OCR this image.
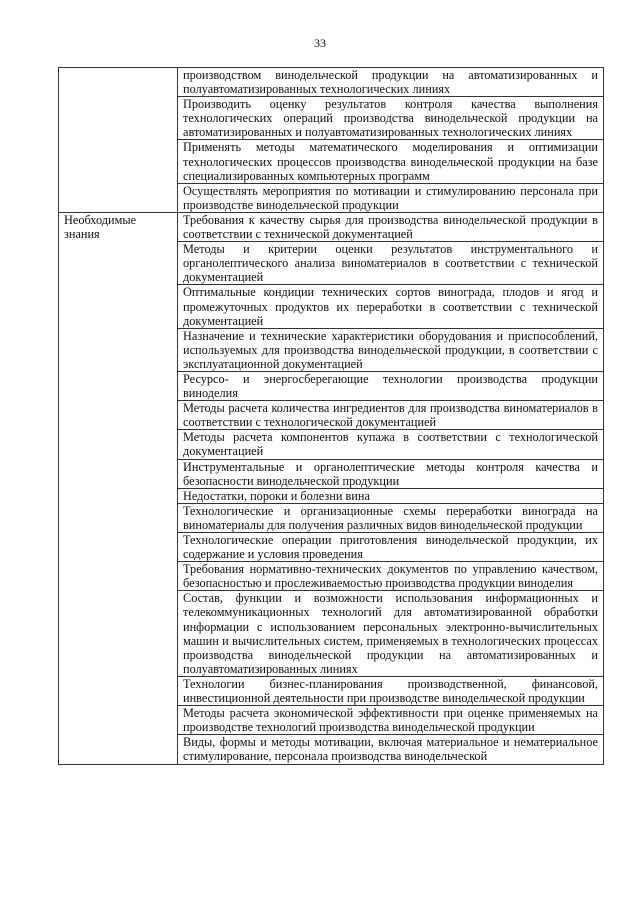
33

	производством винодельческой продукции на автоматизированных и полуавтоматизированных технологических линиях

	Производить оценку результатов контроля качества выполнения технологических операций производства винодельческой продукции на автоматизированных и полуавтоматизированных технологических линиях

	Применять методы математического моделирования и оптимизации технологических процессов производства винодельческой продукции на базе специализированных компьютерных программ

	Осуществлять мероприятия по мотивации и стимулированию персонала при производстве винодельческой продукции

Необходимые знания	Требования к качеству сырья для производства винодельческой продукции в соответствии с технической документацией

	Методы и критерии оценки результатов инструментального и органолептического анализа виноматериалов в соответствии с технической документацией

	Оптимальные кондиции технических сортов винограда, плодов и ягод и промежуточных продуктов их переработки в соответствии с технической документацией

	Назначение и технические характеристики оборудования и приспособлений, используемых для производства винодельческой продукции, в соответствии с эксплуатационной документацией

	Ресурсо- и энергосберегающие технологии производства продукции виноделия

	Методы расчета количества ингредиентов для производства виноматериалов в соответствии с технологической документацией

	Методы расчета компонентов купажа в соответствии с технологической документацией

	Инструментальные и органолептические методы контроля качества и безопасности винодельческой продукции

	Недостатки, пороки и болезни вина

	Технологические и организационные схемы переработки винограда на виноматериалы для получения различных видов винодельческой продукции

	Технологические операции приготовления винодельческой продукции, их содержание и условия проведения

	Требования нормативно-технических документов по управлению качеством, безопасностью и прослеживаемостью производства продукции виноделия

	Состав, функции и возможности использования информационных и телекоммуникационных технологий для автоматизированной обработки информации с использованием персональных электронно-вычислительных машин и вычислительных систем, применяемых в технологических процессах производства винодельческой продукции на автоматизированных и полуавтоматизированных линиях

	Технологии бизнес-планирования производственной, финансовой, инвестиционной деятельности при производстве винодельческой продукции

	Методы расчета экономической эффективности при оценке применяемых на производстве технологий производства винодельческой продукции

	Виды, формы и методы мотивации, включая материальное и нематериальное стимулирование, персонала производства винодельческой
